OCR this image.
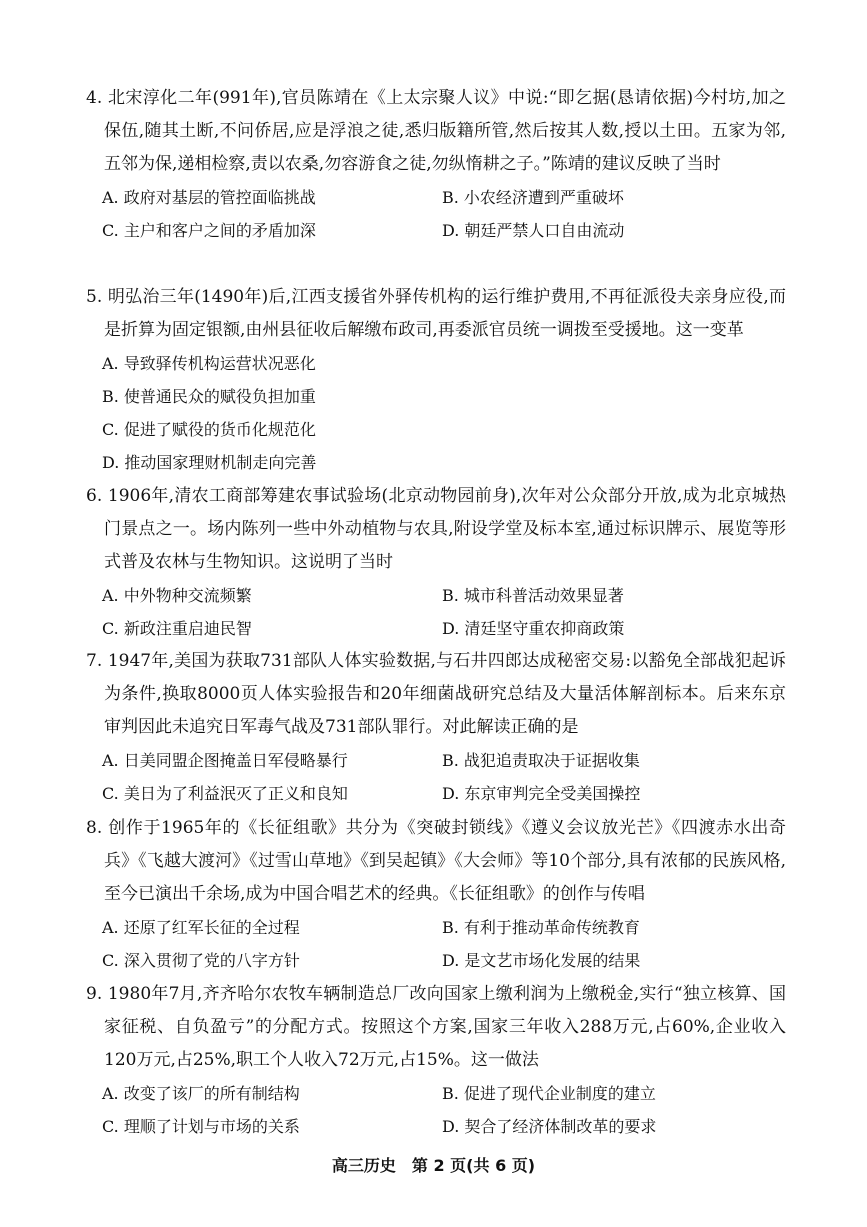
4. 北宋淳化二年(991年),官员陈靖在《上太宗聚人议》中说:“即乞据(恳请依据)今村坊,加之保伍,随其土断,不问侨居,应是浮浪之徒,悉归版籍所管,然后按其人数,授以土田。五家为邻,五邻为保,递相检察,责以农桑,勿容游食之徒,勿纵惰耕之子。”陈靖的建议反映了当时

A. 政府对基层的管控面临挑战	B. 小农经济遭到严重破坏
C. 主户和客户之间的矛盾加深	D. 朝廷严禁人口自由流动

5. 明弘治三年(1490年)后,江西支援省外驿传机构的运行维护费用,不再征派役夫亲身应役,而是折算为固定银额,由州县征收后解缴布政司,再委派官员统一调拨至受援地。这一变革

A. 导致驿传机构运营状况恶化
B. 使普通民众的赋役负担加重
C. 促进了赋役的货币化规范化
D. 推动国家理财机制走向完善

6. 1906年,清农工商部筹建农事试验场(北京动物园前身),次年对公众部分开放,成为北京城热门景点之一。场内陈列一些中外动植物与农具,附设学堂及标本室,通过标识牌示、展览等形式普及农林与生物知识。这说明了当时

A. 中外物种交流频繁	B. 城市科普活动效果显著
C. 新政注重启迪民智	D. 清廷坚守重农抑商政策

7. 1947年,美国为获取731部队人体实验数据,与石井四郎达成秘密交易:以豁免全部战犯起诉为条件,换取8000页人体实验报告和20年细菌战研究总结及大量活体解剖标本。后来东京审判因此未追究日军毒气战及731部队罪行。对此解读正确的是

A. 日美同盟企图掩盖日军侵略暴行	B. 战犯追责取决于证据收集
C. 美日为了利益泯灭了正义和良知	D. 东京审判完全受美国操控

8. 创作于1965年的《长征组歌》共分为《突破封锁线》《遵义会议放光芒》《四渡赤水出奇兵》《飞越大渡河》《过雪山草地》《到吴起镇》《大会师》等10个部分,具有浓郁的民族风格,至今已演出千余场,成为中国合唱艺术的经典。《长征组歌》的创作与传唱

A. 还原了红军长征的全过程	B. 有利于推动革命传统教育
C. 深入贯彻了党的八字方针	D. 是文艺市场化发展的结果

9. 1980年7月,齐齐哈尔农牧车辆制造总厂改向国家上缴利润为上缴税金,实行“独立核算、国家征税、自负盈亏”的分配方式。按照这个方案,国家三年收入288万元,占60%,企业收入120万元,占25%,职工个人收入72万元,占15%。这一做法

A. 改变了该厂的所有制结构	B. 促进了现代企业制度的建立
C. 理顺了计划与市场的关系	D. 契合了经济体制改革的要求
高三历史　第 2 页(共 6 页)
